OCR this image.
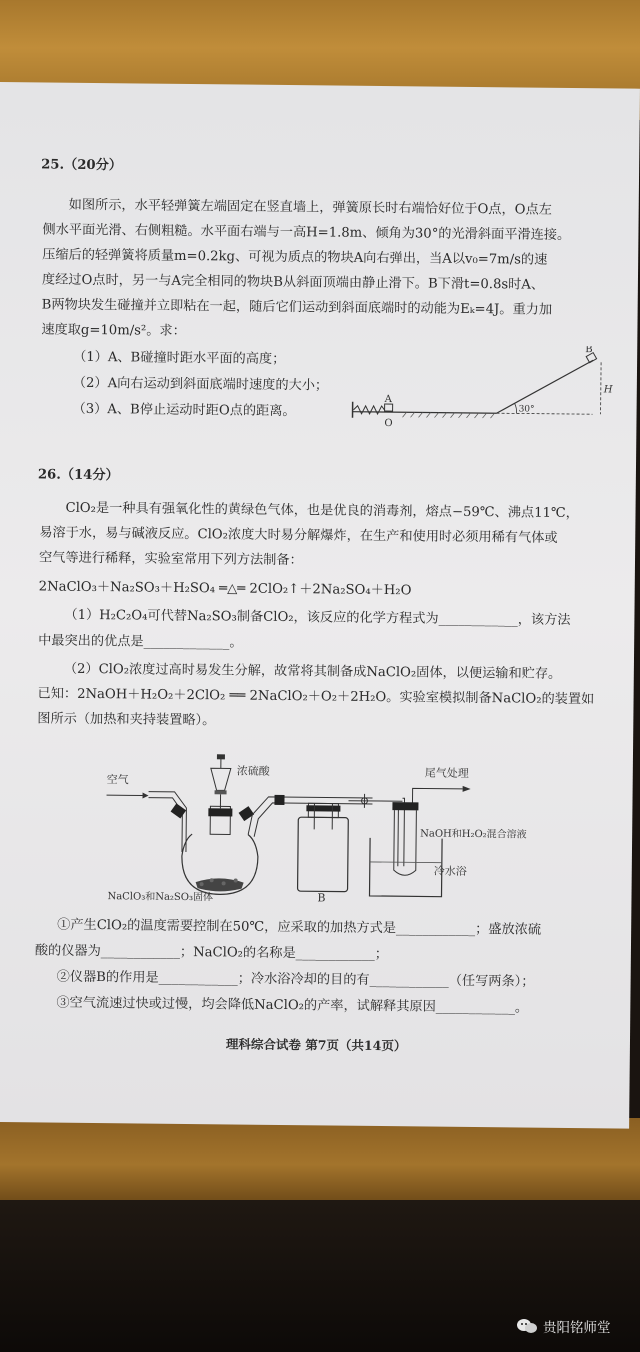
25.（20分）
如图所示，水平轻弹簧左端固定在竖直墙上，弹簧原长时右端恰好位于O点，O点左
侧水平面光滑、右侧粗糙。水平面右端与一高H=1.8m、倾角为30°的光滑斜面平滑连接。
压缩后的轻弹簧将质量m=0.2kg、可视为质点的物块A向右弹出，当A以v₀=7m/s的速
度经过O点时，另一与A完全相同的物块B从斜面顶端由静止滑下。B下滑t=0.8s时A、
B两物块发生碰撞并立即粘在一起，随后它们运动到斜面底端时的动能为Eₖ=4J。重力加
速度取g=10m/s²。求：
（1）A、B碰撞时距水平面的高度；
（2）A向右运动到斜面底端时速度的大小；
（3）A、B停止运动时距O点的距离。
A
O
30°
H
B
26.（14分）
ClO₂是一种具有强氧化性的黄绿色气体，也是优良的消毒剂，熔点−59℃、沸点11℃，
易溶于水，易与碱液反应。ClO₂浓度大时易分解爆炸，在生产和使用时必须用稀有气体或
空气等进行稀释，实验室常用下列方法制备：
2NaClO₃＋Na₂SO₃＋H₂SO₄ ═△═ 2ClO₂↑＋2Na₂SO₄＋H₂O
（1）H₂C₂O₄可代替Na₂SO₃制备ClO₂，该反应的化学方程式为____________，该方法
中最突出的优点是_____________。
（2）ClO₂浓度过高时易发生分解，故常将其制备成NaClO₂固体，以便运输和贮存。
已知：2NaOH＋H₂O₂＋2ClO₂ ══ 2NaClO₂＋O₂＋2H₂O。实验室模拟制备NaClO₂的装置如
图所示（加热和夹持装置略）。
空气
浓硫酸
NaClO₃和Na₂SO₃固体	B
尾气处理
NaOH和H₂O₂混合溶液
冷水浴
①产生ClO₂的温度需要控制在50℃，应采取的加热方式是____________；盛放浓硫
酸的仪器为____________；NaClO₂的名称是____________；
②仪器B的作用是____________；冷水浴冷却的目的有____________（任写两条）；
③空气流速过快或过慢，均会降低NaClO₂的产率，试解释其原因____________。
理科综合试卷 第7页（共14页）
贵阳铭师堂
